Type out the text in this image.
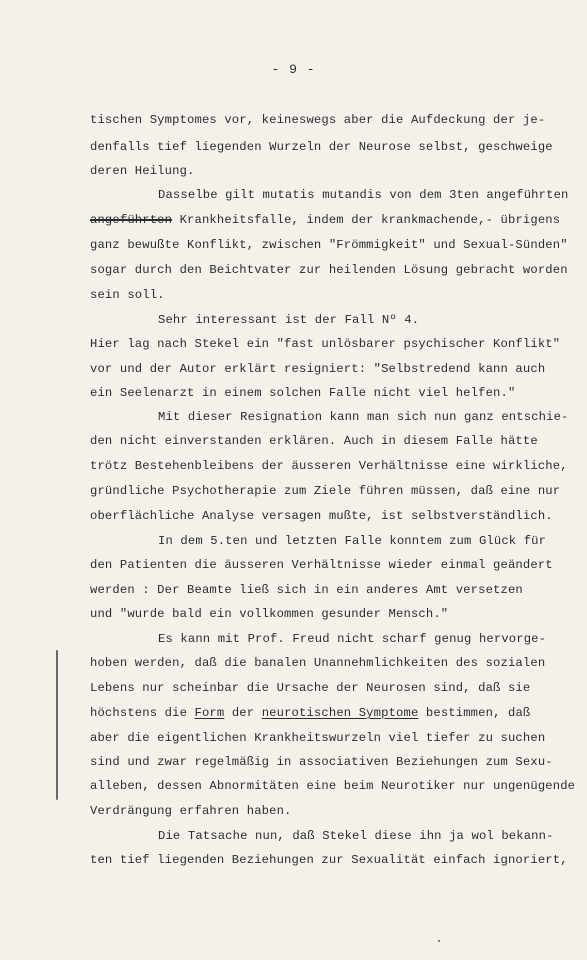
- 9 -
tischen Symptomes vor, keineswegs aber die Aufdeckung der je-
denfalls tief liegenden Wurzeln der Neurose selbst, geschweige
deren Heilung.
Dasselbe gilt mutatis mutandis von dem 3ten angeführten
angeführten Krankheitsfalle, indem der krankmachende,- übrigens
ganz bewußte Konflikt, zwischen "Frömmigkeit" und Sexual-Sünden"
sogar durch den Beichtvater zur heilenden Lösung gebracht worden
sein soll.
Sehr interessant ist der Fall Nº 4.
Hier lag nach Stekel ein "fast unlösbarer psychischer Konflikt"
vor und der Autor erklärt resigniert: "Selbstredend kann auch
ein Seelenarzt in einem solchen Falle nicht viel helfen."
Mit dieser Resignation kann man sich nun ganz entschie-
den nicht einverstanden erklären. Auch in diesem Falle hätte
trötz Bestehenbleibens der äusseren Verhältnisse eine wirkliche,
gründliche Psychotherapie zum Ziele führen müssen, daß eine nur
oberflächliche Analyse versagen mußte, ist selbstverständlich.
In dem 5.ten und letzten Falle konntem zum Glück für
den Patienten die äusseren Verhältnisse wieder einmal geändert
werden : Der Beamte ließ sich in ein anderes Amt versetzen
und "wurde bald ein vollkommen gesunder Mensch."
Es kann mit Prof. Freud nicht scharf genug hervorge-
hoben werden, daß die banalen Unannehmlichkeiten des sozialen
Lebens nur scheinbar die Ursache der Neurosen sind, daß sie
höchstens die Form der neurotischen Symptome bestimmen, daß
aber die eigentlichen Krankheitswurzeln viel tiefer zu suchen
sind und zwar regelmäßig in associativen Beziehungen zum Sexu-
alleben, dessen Abnormitäten eine beim Neurotiker nur ungenügende
Verdrängung erfahren haben.
Die Tatsache nun, daß Stekel diese ihn ja wol bekann-
ten tief liegenden Beziehungen zur Sexualität einfach ignoriert,
